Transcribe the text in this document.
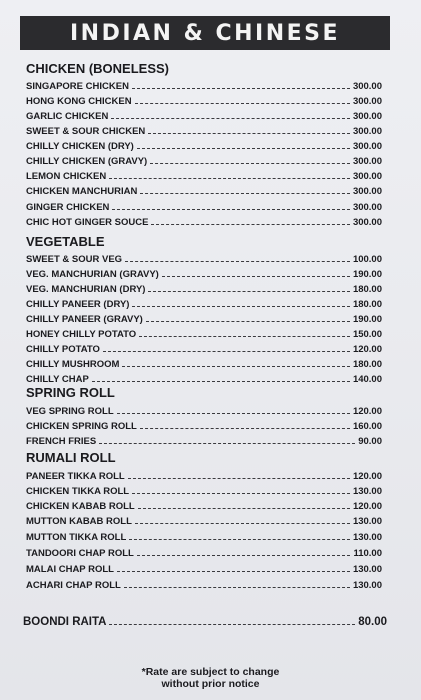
INDIAN & CHINESE
CHICKEN (BONELESS)
SINGAPORE CHICKEN	300.00
HONG KONG CHICKEN	300.00
GARLIC CHICKEN	300.00
SWEET & SOUR CHICKEN	300.00
CHILLY CHICKEN (DRY)	300.00
CHILLY CHICKEN (GRAVY)	300.00
LEMON CHICKEN	300.00
CHICKEN MANCHURIAN	300.00
GINGER CHICKEN	300.00
CHIC HOT GINGER SOUCE	300.00
VEGETABLE
SWEET & SOUR VEG	100.00
VEG. MANCHURIAN (GRAVY)	190.00
VEG. MANCHURIAN (DRY)	180.00
CHILLY PANEER (DRY)	180.00
CHILLY PANEER (GRAVY)	190.00
HONEY CHILLY POTATO	150.00
CHILLY POTATO	120.00
CHILLY MUSHROOM	180.00
CHILLY CHAP	140.00
SPRING ROLL
VEG SPRING ROLL	120.00
CHICKEN SPRING ROLL	160.00
FRENCH FRIES	90.00
RUMALI ROLL
PANEER TIKKA ROLL	120.00
CHICKEN TIKKA ROLL	130.00
CHICKEN KABAB ROLL	120.00
MUTTON KABAB ROLL	130.00
MUTTON TIKKA ROLL	130.00
TANDOORI CHAP ROLL	110.00
MALAI CHAP ROLL	130.00
ACHARI CHAP ROLL	130.00
BOONDI RAITA	80.00
*Rate are subject to change
without prior notice
